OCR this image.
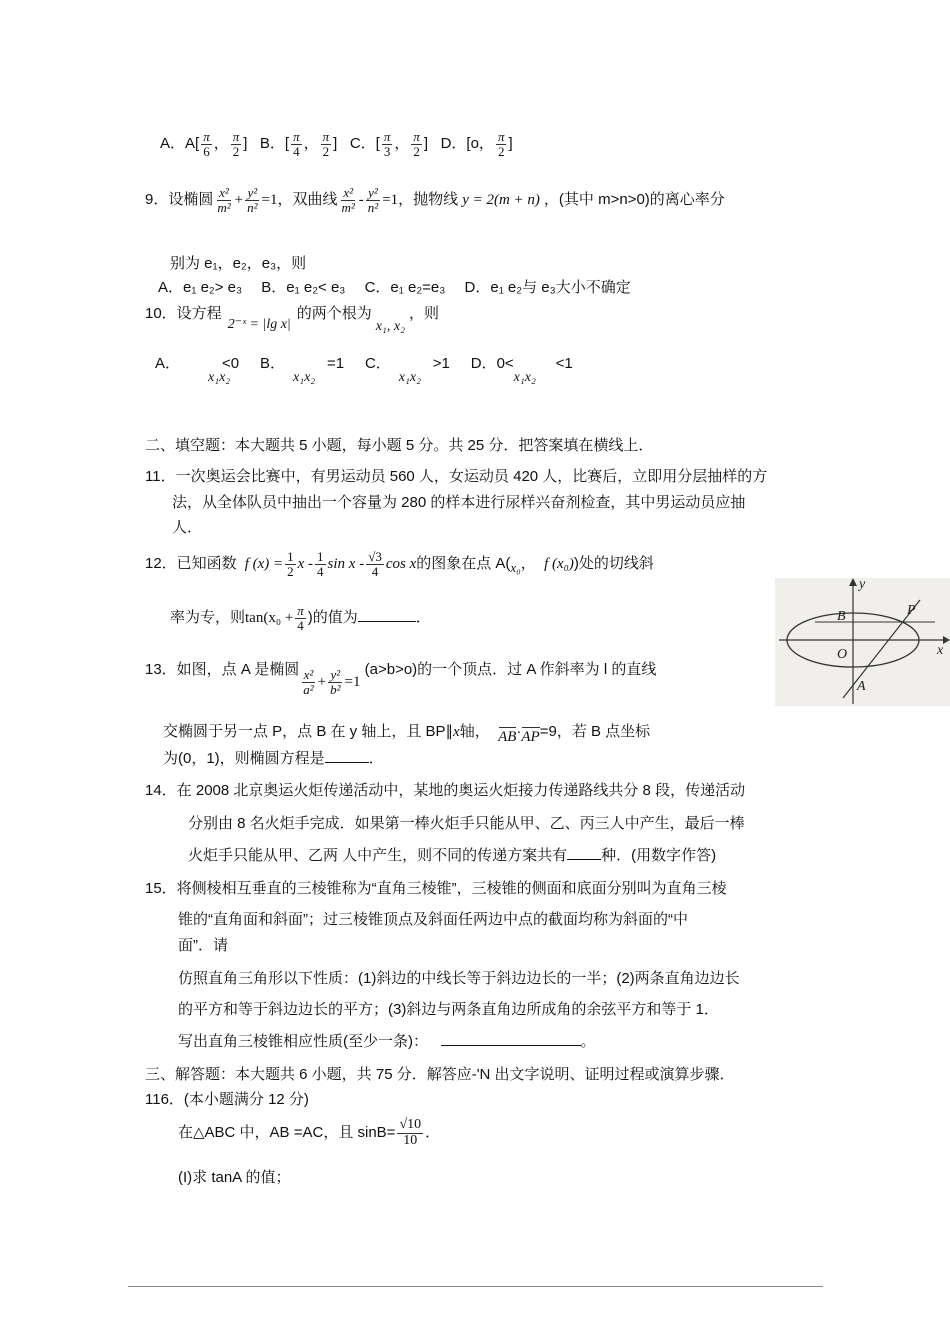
A．$A[ \frac{\pi}{6}$ ， $\frac{\pi}{2}$ ] B．[ $\frac{\pi}{4}$ ， $\frac{\pi}{2}$ ] C．[ $\frac{\pi}{3}$ ， $\frac{\pi}{2}$ ] D．[o， $\frac{\pi}{2}$ ]
9．设椭圆 $\frac{\text{x²}}{\text{m²}} + \frac{\text{y²}}{\text{n²}} =1$，双曲线 $\frac{\text{x²}}{\text{m²}} - \frac{\text{y²}}{\text{n²}} =1$，抛物线 y = 2(m + n) ，(其中 m>n>0)的离心率分
别为 e₁，e₂，e₃，则
A．e₁ e₂> e₃　 B．e₁ e₂< e₃　 C．e₁ e₂=e₃　 D．e₁ e₂与 e₃大小不确定
10．设方程2⁻ˣ = |lg x|的两个根为x₁, x₂，则
A．x₁x₂<0 B．x₁x₂=1 C．x₁x₂>1 D．0<x₁x₂<1
二、填空题：本大题共 5 小题，每小题 5 分。共 25 分．把答案填在横线上．
11．一次奥运会比赛中，有男运动员 560 人，女运动员 420 人，比赛后，立即用分层抽样的方
法，从全体队员中抽出一个容量为 280 的样本进行尿样兴奋剂检查，其中男运动员应抽
人．
12．已知函数 f $(x) = \frac{1}{2}$ x - $\frac{1}{4}$ sin x - $\frac{√3}{4}$ cos x的图象在点 A(x₀， f (x₀))处的切线斜
率为专，则$\tan(x_0 + \frac{\pi}{4}$ )的值为	．
y
x
B	P
O
A
13．如图，点 A 是椭圆 $\frac{\text{x²}}{\text{a²}} + \frac{\text{y²}}{\text{b²}} =1$ (a>b>o)的一个顶点．过 A 作斜率为 l 的直线
交椭圆于另一点 P，点 B 在 y 轴上，且 BP∥x轴， AB·AP=9，若 B 点坐标
为(0，1)，则椭圆方程是	．
14．在 2008 北京奥运火炬传递活动中，某地的奥运火炬接力传递路线共分 8 段，传递活动
分别由 8 名火炬手完成．如果第一棒火炬手只能从甲、乙、丙三人中产生，最后一棒
火炬手只能从甲、乙两 人中产生，则不同的传递方案共有 种．(用数字作答)
15．将侧棱相互垂直的三棱锥称为“直角三棱锥”，三棱锥的侧面和底面分别叫为直角三棱
锥的“直角面和斜面”；过三棱锥顶点及斜面任两边中点的截面均称为斜面的“中
面”．请
仿照直角三角形以下性质：(1)斜边的中线长等于斜边边长的一半；(2)两条直角边边长
的平方和等于斜边边长的平方；(3)斜边与两条直角边所成角的余弦平方和等于 1．
写出直角三棱锥相应性质(至少一条)：	。
三、解答题：本大题共 6 小题，共 75 分．解答应-'N 出文字说明、证明过程或演算步骤．
116．(本小题满分 12 分)
在△ABC 中，AB =AC，且 $\sin B= \frac{√10}{10}$ ．
(I)求 tanA 的值；
